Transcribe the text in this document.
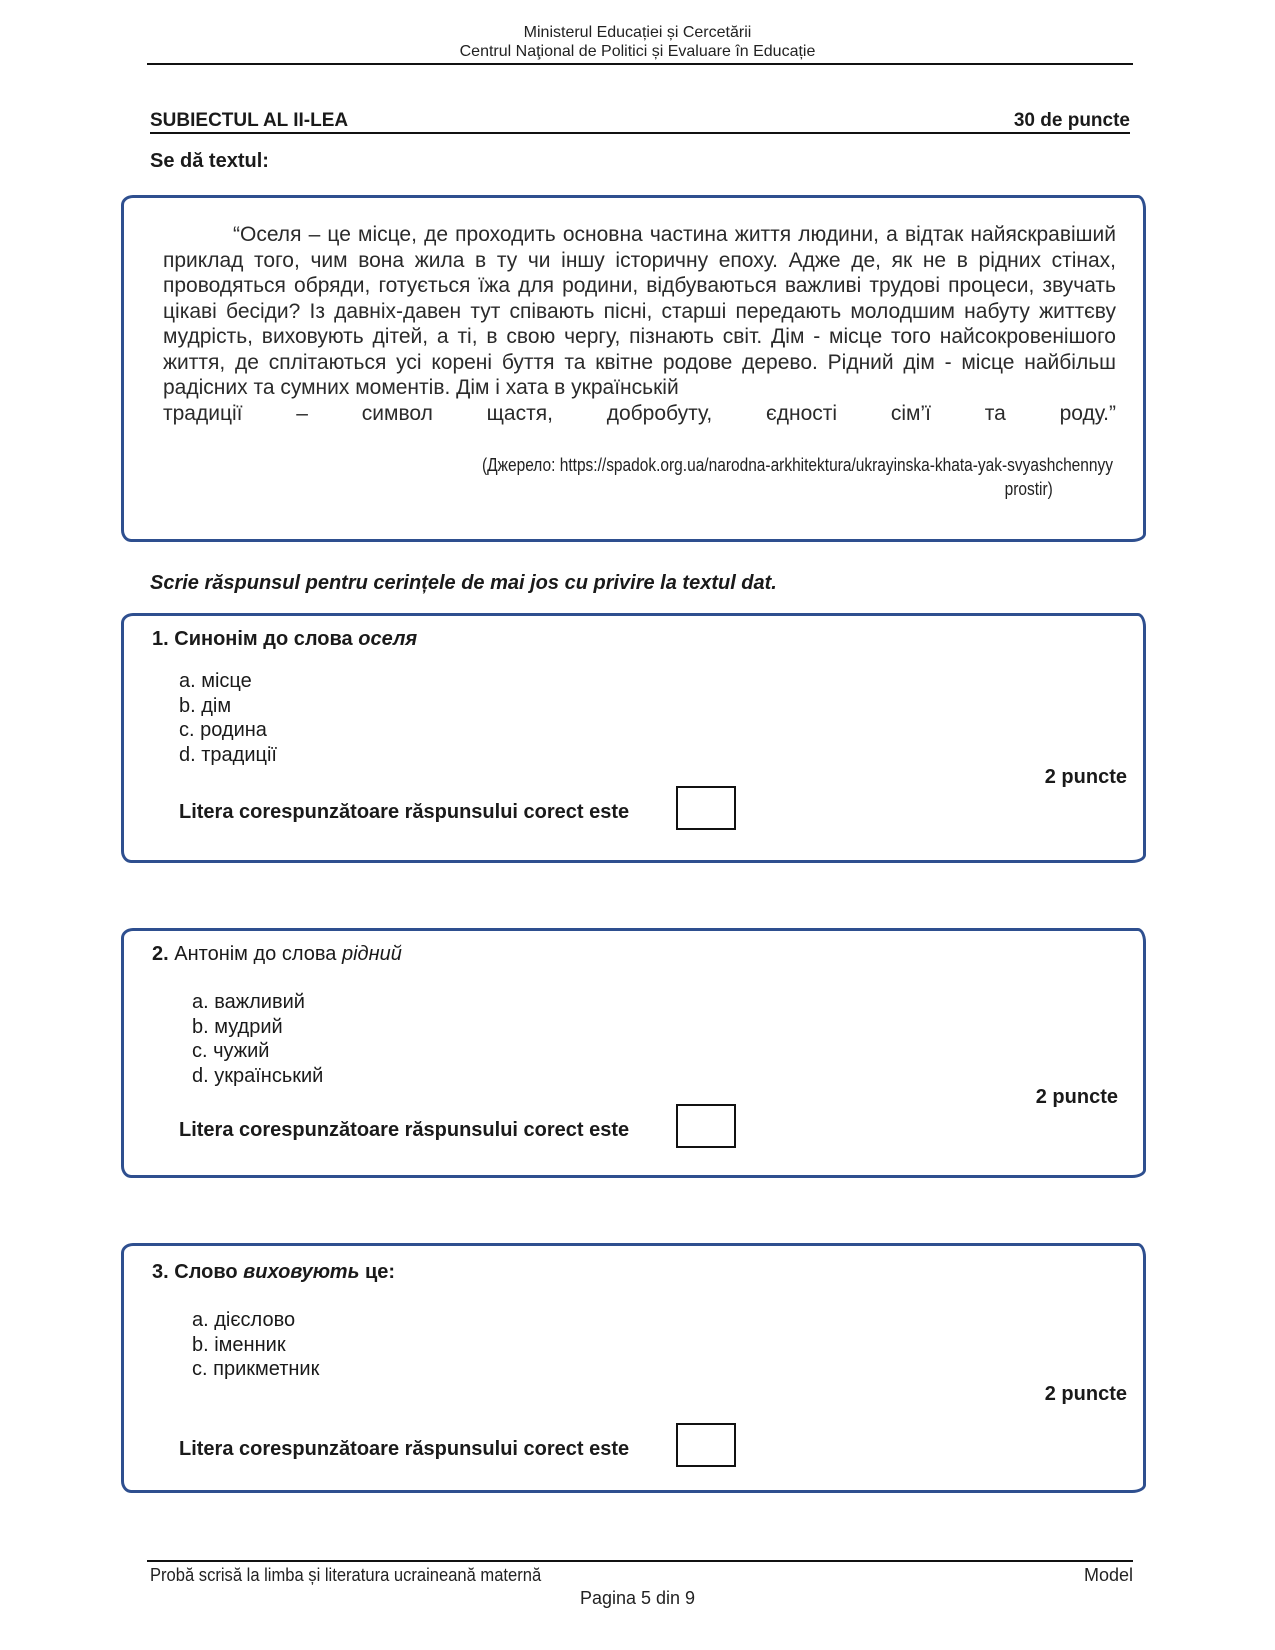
Ministerul Educației și Cercetării
Centrul Naţional de Politici și Evaluare în Educație
SUBIECTUL AL II-LEA	30 de puncte
Se dă textul:

“Оселя – це місце, де проходить основна частина життя людини, а відтак найяскравіший приклад того, чим вона жила в ту чи іншу історичну епоху. Адже де, як не в рідних стінах, проводяться обряди, готується їжа для родини, відбуваються важливі трудові процеси, звучать цікаві бесіди? Із давніх-давен тут співають пісні, старші передають молодшим набуту життєву мудрість, виховують дітей, а ті, в свою чергу, пізнають світ. Дім - місце того найсокровенішого життя, де сплітаються усі корені буття та квітне родове дерево. Рідний дім - місце найбільш радісних та сумних моментів. Дім і хата в українській

традиції	–	символ	щастя,	добробуту,	єдності	сім’ї	та	роду.”
(Джерело: https://spadok.org.ua/narodna-arkhitektura/ukrayinska-khata-yak-svyashchennyy
prostir)
Scrie răspunsul pentru cerințele de mai jos cu privire la textul dat.
1. Синонім до слова оселя
a. місце
b. дім
c. родина
d. традиції
2 puncte
Litera corespunzătoare răspunsului corect este
2. Антонім до слова рідний
a. важливий
b. мудрий
c. чужий
d. український
2 puncte
Litera corespunzătoare răspunsului corect este
3. Слово виховують це:
a. дієслово
b. іменник
c. прикметник
2 puncte
Litera corespunzătoare răspunsului corect este
Probă scrisă la limba și literatura ucraineană maternă	Model
Pagina 5 din 9
